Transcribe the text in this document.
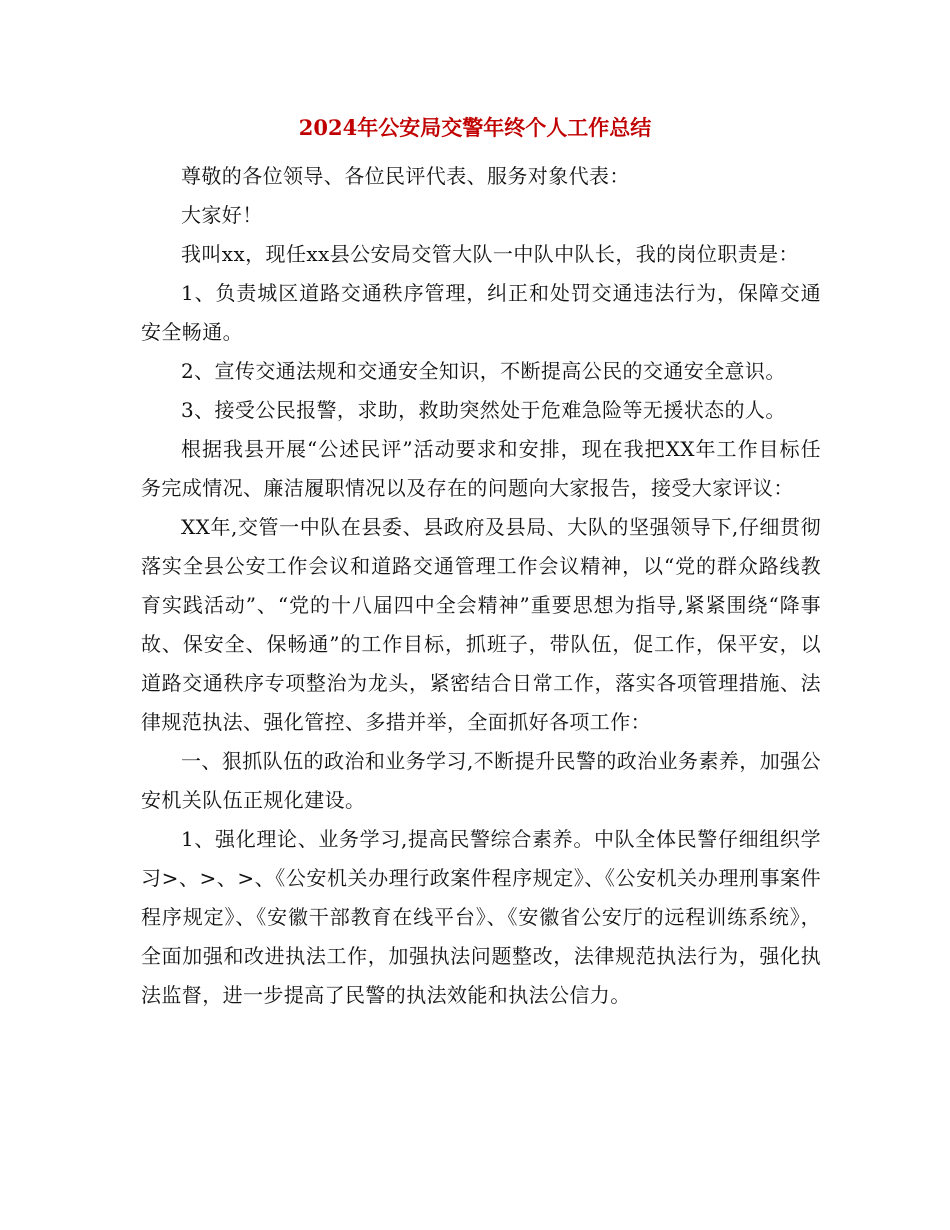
2024年公安局交警年终个人工作总结

尊敬的各位领导、各位民评代表、服务对象代表：

大家好！

我叫xx，现任xx县公安局交管大队一中队中队长，我的岗位职责是：

1、负责城区道路交通秩序管理，纠正和处罚交通违法行为，保障交通安全畅通。

2、宣传交通法规和交通安全知识，不断提高公民的交通安全意识。

3、接受公民报警，求助，救助突然处于危难急险等无援状态的人。

根据我县开展“公述民评”活动要求和安排，现在我把XX年工作目标任务完成情况、廉洁履职情况以及存在的问题向大家报告，接受大家评议：

XX年,交管一中队在县委、县政府及县局、大队的坚强领导下,仔细贯彻落实全县公安工作会议和道路交通管理工作会议精神，以“党的群众路线教育实践活动”、“党的十八届四中全会精神”重要思想为指导,紧紧围绕“降事故、保安全、保畅通”的工作目标，抓班子，带队伍，促工作，保平安，以道路交通秩序专项整治为龙头，紧密结合日常工作，落实各项管理措施、法律规范执法、强化管控、多措并举，全面抓好各项工作：

一、狠抓队伍的政治和业务学习,不断提升民警的政治业务素养，加强公安机关队伍正规化建设。

1、强化理论、业务学习,提高民警综合素养。中队全体民警仔细组织学习>、>、>、《公安机关办理行政案件程序规定》、《公安机关办理刑事案件程序规定》、《安徽干部教育在线平台》、《安徽省公安厅的远程训练系统》，全面加强和改进执法工作，加强执法问题整改，法律规范执法行为，强化执法监督，进一步提高了民警的执法效能和执法公信力。
